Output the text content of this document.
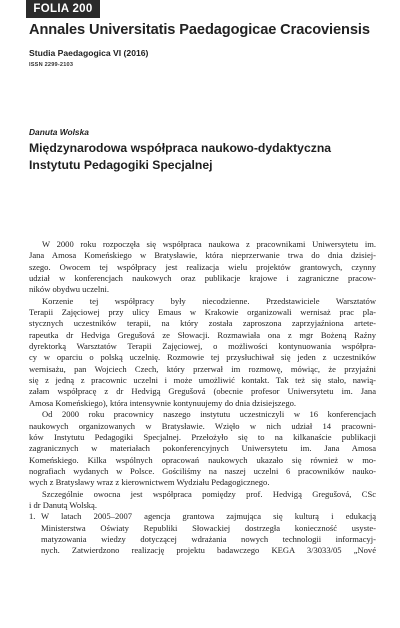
FOLIA 200
Annales Universitatis Paedagogicae Cracoviensis
Studia Paedagogica VI (2016)
ISSN 2299-2103
Danuta Wolska
Międzynarodowa współpraca naukowo-dydaktyczna
Instytutu Pedagogiki Specjalnej
W 2000 roku rozpoczęła się współpraca naukowa z pracownikami Uniwersytetu im.
Jana Amosa Komeńskiego w Bratysławie, która nieprzerwanie trwa do dnia dzisiej-
szego. Owocem tej współpracy jest realizacja wielu projektów grantowych, czynny
udział w konferencjach naukowych oraz publikacje krajowe i zagraniczne pracow-
ników obydwu uczelni.
Korzenie tej współpracy były niecodzienne. Przedstawiciele Warsztatów
Terapii Zajęciowej przy ulicy Emaus w Krakowie organizowali wernisaż prac pla-
stycznych uczestników terapii, na który została zaproszona zaprzyjaźniona artete-
rapeutka dr Hedviga Gregušová ze Słowacji. Rozmawiała ona z mgr Bożeną Raźny
dyrektorką Warsztatów Terapii Zajęciowej, o możliwości kontynuowania współpra-
cy w oparciu o polską uczelnię. Rozmowie tej przysłuchiwał się jeden z uczestników
wernisażu, pan Wojciech Czech, który przerwał im rozmowę, mówiąc, że przyjaźni
się z jedną z pracownic uczelni i może umożliwić kontakt. Tak też się stało, nawią-
załam współpracę z dr Hedvigą Gregušová (obecnie profesor Uniwersytetu im. Jana
Amosa Komeńskiego), która intensywnie kontynuujemy do dnia dzisiejszego.
Od 2000 roku pracownicy naszego instytutu uczestniczyli w 16 konferencjach
naukowych organizowanych w Bratysławie. Wzięło w nich udział 14 pracowni-
ków Instytutu Pedagogiki Specjalnej. Przełożyło się to na kilkanaście publikacji
zagranicznych w materiałach pokonferencyjnych Uniwersytetu im. Jana Amosa
Komeńskiego. Kilka wspólnych opracowań naukowych ukazało się również w mo-
nografiach wydanych w Polsce. Gościliśmy na naszej uczelni 6 pracowników nauko-
wych z Bratysławy wraz z kierownictwem Wydziału Pedagogicznego.
Szczególnie owocna jest współpraca pomiędzy prof. Hedvigą Gregušová, CSc
i dr Danutą Wolską.
1. W latach 2005–2007 agencja grantowa zajmująca się kulturą i edukacją
Ministerstwa Oświaty Republiki Słowackiej dostrzegła konieczność usyste-
matyzowania wiedzy dotyczącej wdrażania nowych technologii informacyj-
nych. Zatwierdzono realizację projektu badawczego KEGA 3/3033/05 „Nové
